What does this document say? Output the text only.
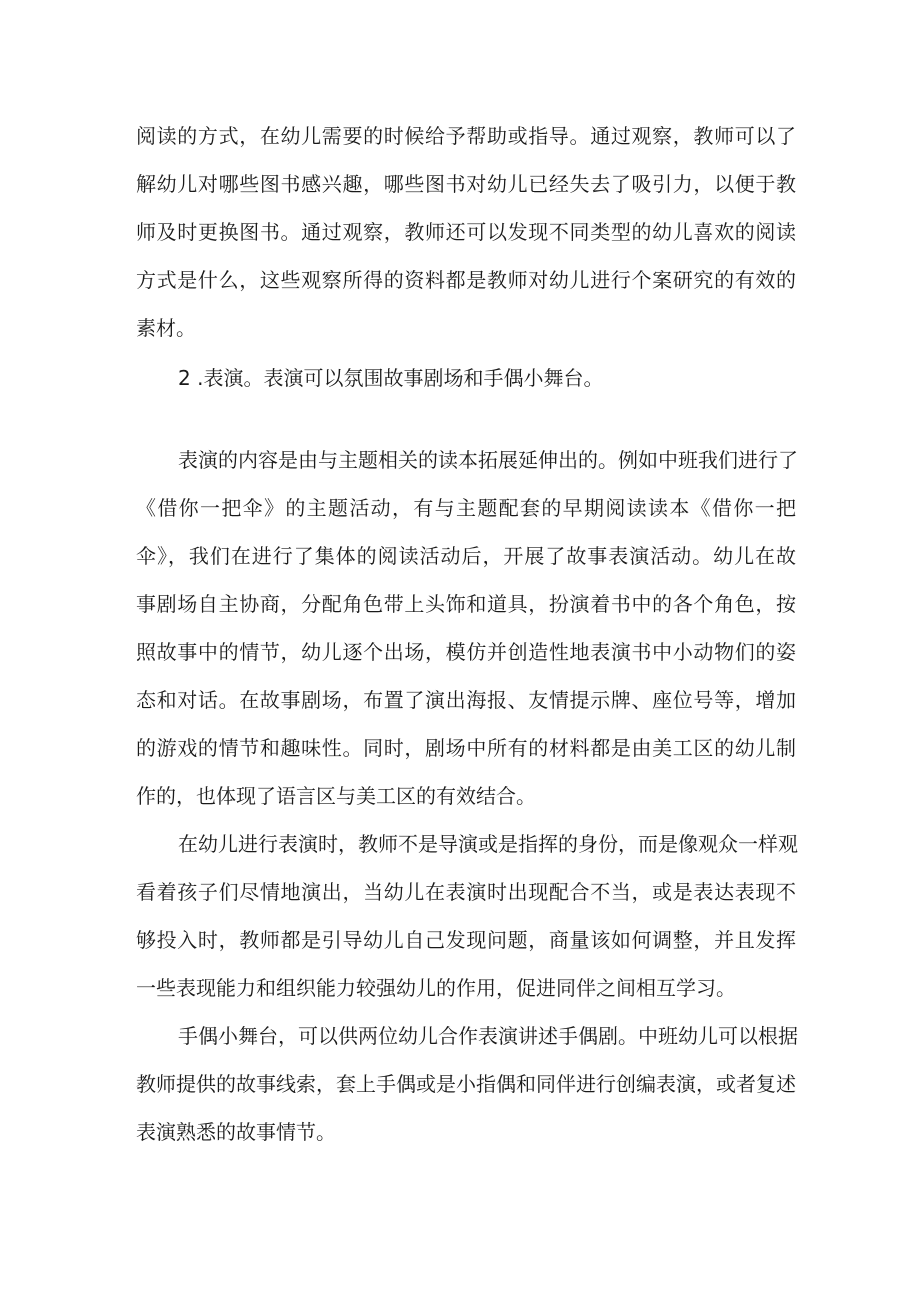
阅读的方式，在幼儿需要的时候给予帮助或指导。通过观察，教师可以了
解幼儿对哪些图书感兴趣，哪些图书对幼儿已经失去了吸引力，以便于教
师及时更换图书。通过观察，教师还可以发现不同类型的幼儿喜欢的阅读
方式是什么，这些观察所得的资料都是教师对幼儿进行个案研究的有效的
素材。
2 .表演。表演可以氛围故事剧场和手偶小舞台。
表演的内容是由与主题相关的读本拓展延伸出的。例如中班我们进行了
《借你一把伞》的主题活动，有与主题配套的早期阅读读本《借你一把
伞》，我们在进行了集体的阅读活动后，开展了故事表演活动。幼儿在故
事剧场自主协商，分配角色带上头饰和道具，扮演着书中的各个角色，按
照故事中的情节，幼儿逐个出场，模仿并创造性地表演书中小动物们的姿
态和对话。在故事剧场，布置了演出海报、友情提示牌、座位号等，增加
的游戏的情节和趣味性。同时，剧场中所有的材料都是由美工区的幼儿制
作的，也体现了语言区与美工区的有效结合。
在幼儿进行表演时，教师不是导演或是指挥的身份，而是像观众一样观
看着孩子们尽情地演出，当幼儿在表演时出现配合不当，或是表达表现不
够投入时，教师都是引导幼儿自己发现问题，商量该如何调整，并且发挥
一些表现能力和组织能力较强幼儿的作用，促进同伴之间相互学习。
手偶小舞台，可以供两位幼儿合作表演讲述手偶剧。中班幼儿可以根据
教师提供的故事线索，套上手偶或是小指偶和同伴进行创编表演，或者复述
表演熟悉的故事情节。
